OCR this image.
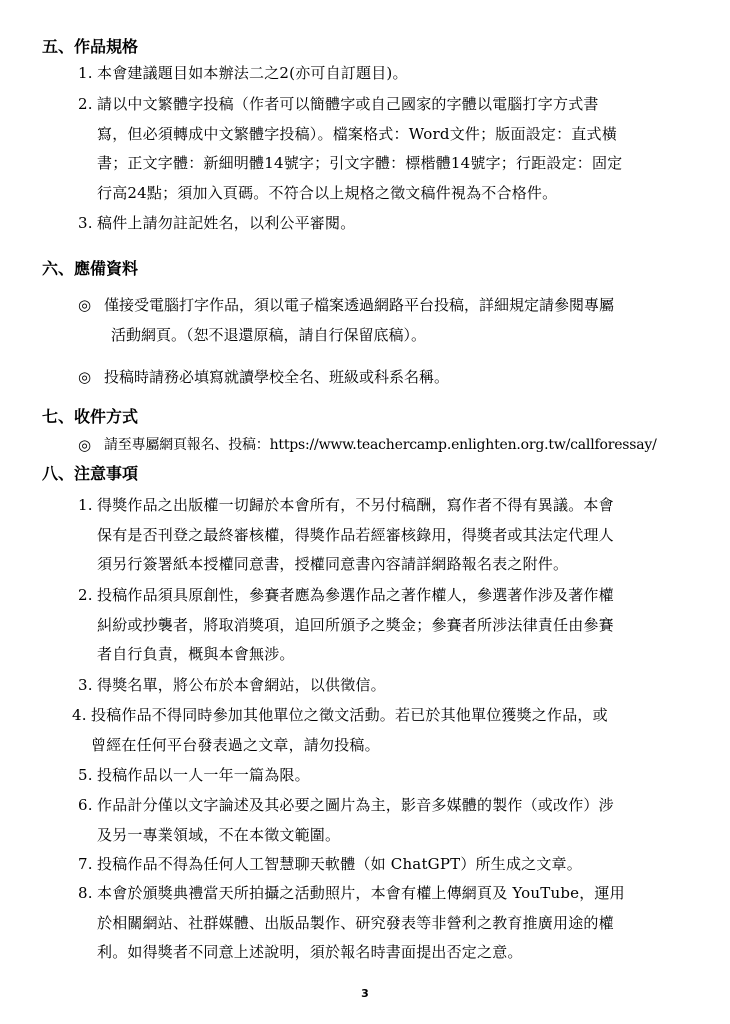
五、作品規格
1. 本會建議題目如本辦法二之2(亦可自訂題目)。
2. 請以中文繁體字投稿（作者可以簡體字或自己國家的字體以電腦打字方式書
寫，但必須轉成中文繁體字投稿）。檔案格式：Word文件；版面設定：直式橫
書；正文字體：新細明體14號字；引文字體：標楷體14號字；行距設定：固定
行高24點；須加入頁碼。不符合以上規格之徵文稿件視為不合格件。
3. 稿件上請勿註記姓名，以利公平審閱。
六、應備資料
◎ 僅接受電腦打字作品，須以電子檔案透過網路平台投稿，詳細規定請參閱專屬
活動網頁。（恕不退還原稿，請自行保留底稿）。
◎ 投稿時請務必填寫就讀學校全名、班級或科系名稱。
七、收件方式
◎ 請至專屬網頁報名、投稿：https://www.teachercamp.enlighten.org.tw/callforessay/
八、注意事項
1. 得獎作品之出版權一切歸於本會所有，不另付稿酬，寫作者不得有異議。本會
保有是否刊登之最終審核權，得獎作品若經審核錄用，得獎者或其法定代理人
須另行簽署紙本授權同意書，授權同意書內容請詳網路報名表之附件。
2. 投稿作品須具原創性，參賽者應為參選作品之著作權人，參選著作涉及著作權
糾紛或抄襲者，將取消獎項，追回所頒予之獎金；參賽者所涉法律責任由參賽
者自行負責，概與本會無涉。
3. 得獎名單，將公布於本會網站，以供徵信。
4. 投稿作品不得同時參加其他單位之徵文活動。若已於其他單位獲獎之作品，或
曾經在任何平台發表過之文章，請勿投稿。
5. 投稿作品以一人一年一篇為限。
6. 作品計分僅以文字論述及其必要之圖片為主，影音多媒體的製作（或改作）涉
及另一專業領域，不在本徵文範圍。
7. 投稿作品不得為任何人工智慧聊天軟體（如 ChatGPT）所生成之文章。
8. 本會於頒獎典禮當天所拍攝之活動照片，本會有權上傳網頁及 YouTube，運用
於相關網站、社群媒體、出版品製作、研究發表等非營利之教育推廣用途的權
利。如得獎者不同意上述說明，須於報名時書面提出否定之意。
3
